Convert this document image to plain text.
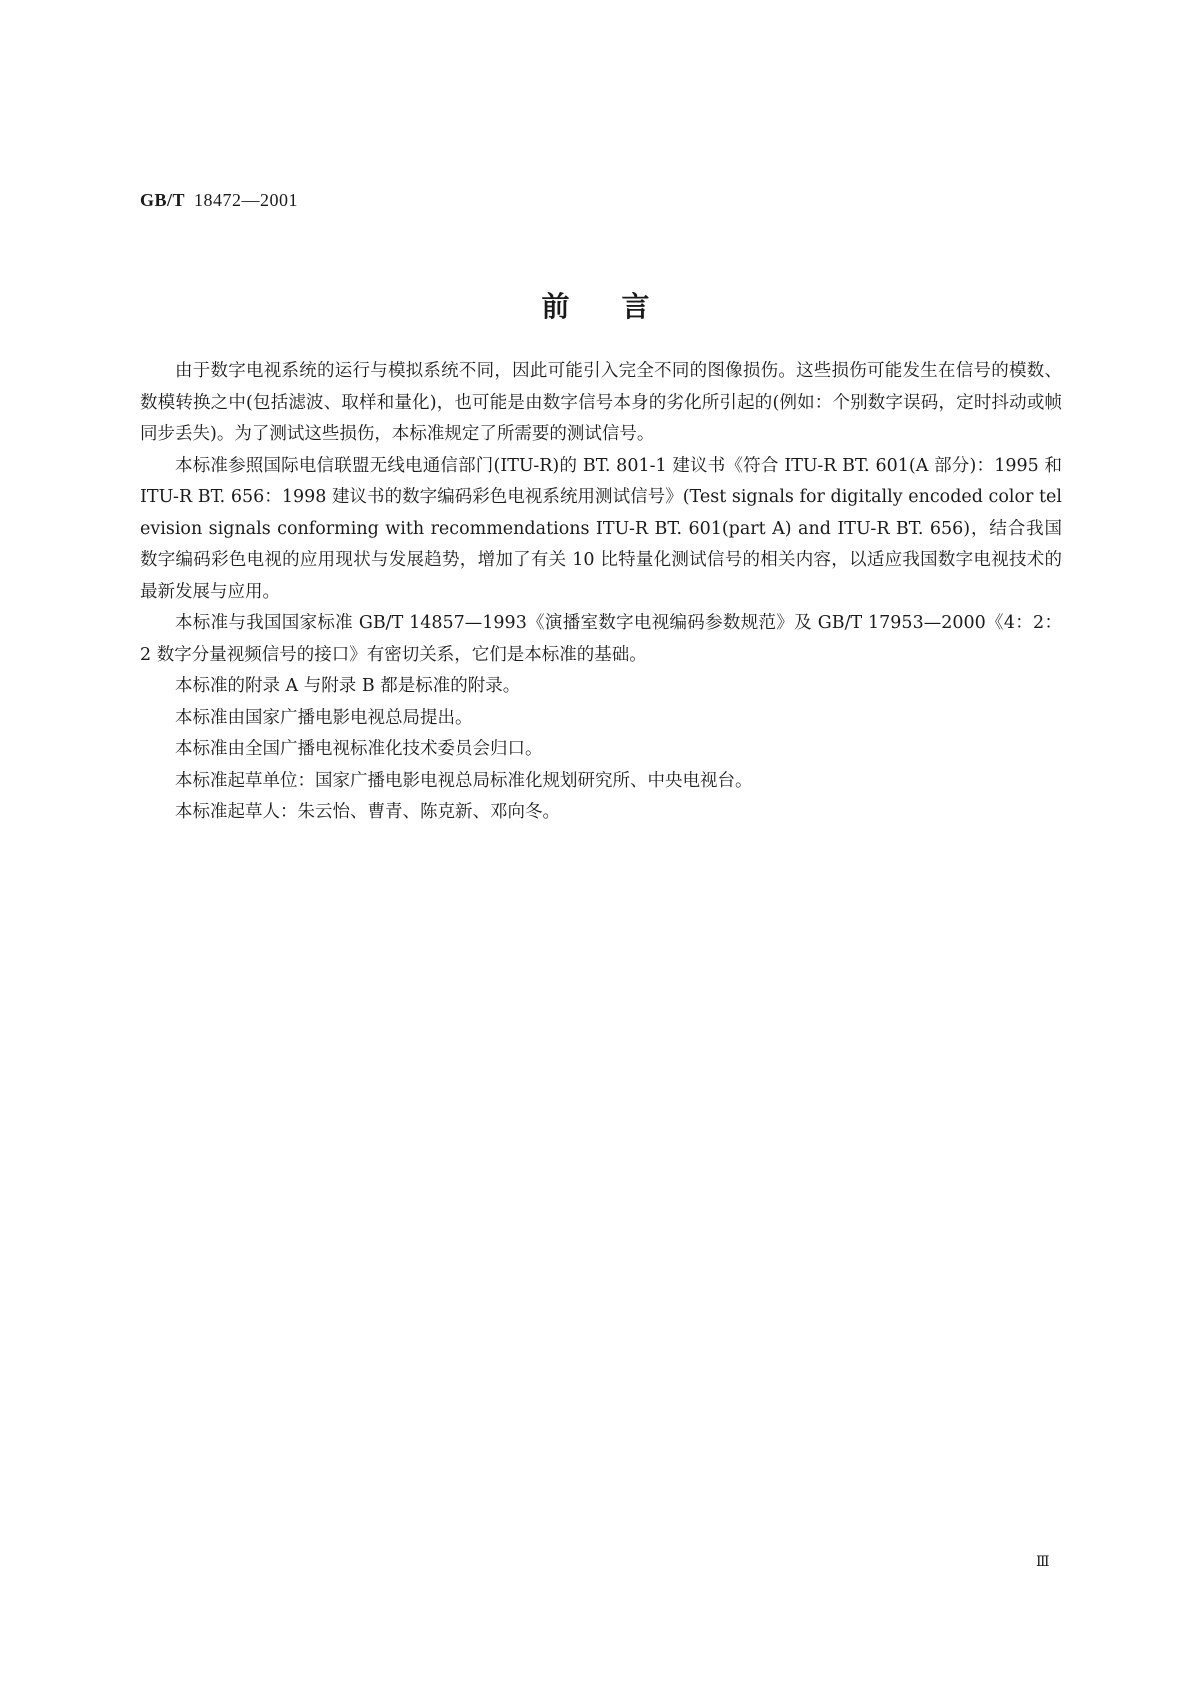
GB/T 18472—2001
前言

由于数字电视系统的运行与模拟系统不同，因此可能引入完全不同的图像损伤。这些损伤可能发生在信号的模数、数模转换之中(包括滤波、取样和量化)，也可能是由数字信号本身的劣化所引起的(例如：个别数字误码，定时抖动或帧同步丢失)。为了测试这些损伤，本标准规定了所需要的测试信号。

本标准参照国际电信联盟无线电通信部门(ITU-R)的 BT. 801-1 建议书《符合 ITU-R BT. 601(A 部分)：1995 和 ITU-R BT. 656：1998 建议书的数字编码彩色电视系统用测试信号》(Test signals for digitally encoded color television signals conforming with recommendations ITU-R BT. 601(part A) and ITU-R BT. 656)，结合我国数字编码彩色电视的应用现状与发展趋势，增加了有关 10 比特量化测试信号的相关内容，以适应我国数字电视技术的最新发展与应用。

本标准与我国国家标准 GB/T 14857—1993《演播室数字电视编码参数规范》及 GB/T 17953—2000《4：2：2 数字分量视频信号的接口》有密切关系，它们是本标准的基础。

本标准的附录 A 与附录 B 都是标准的附录。

本标准由国家广播电影电视总局提出。

本标准由全国广播电视标准化技术委员会归口。

本标准起草单位：国家广播电影电视总局标准化规划研究所、中央电视台。

本标准起草人：朱云怡、曹青、陈克新、邓向冬。

Ⅲ
